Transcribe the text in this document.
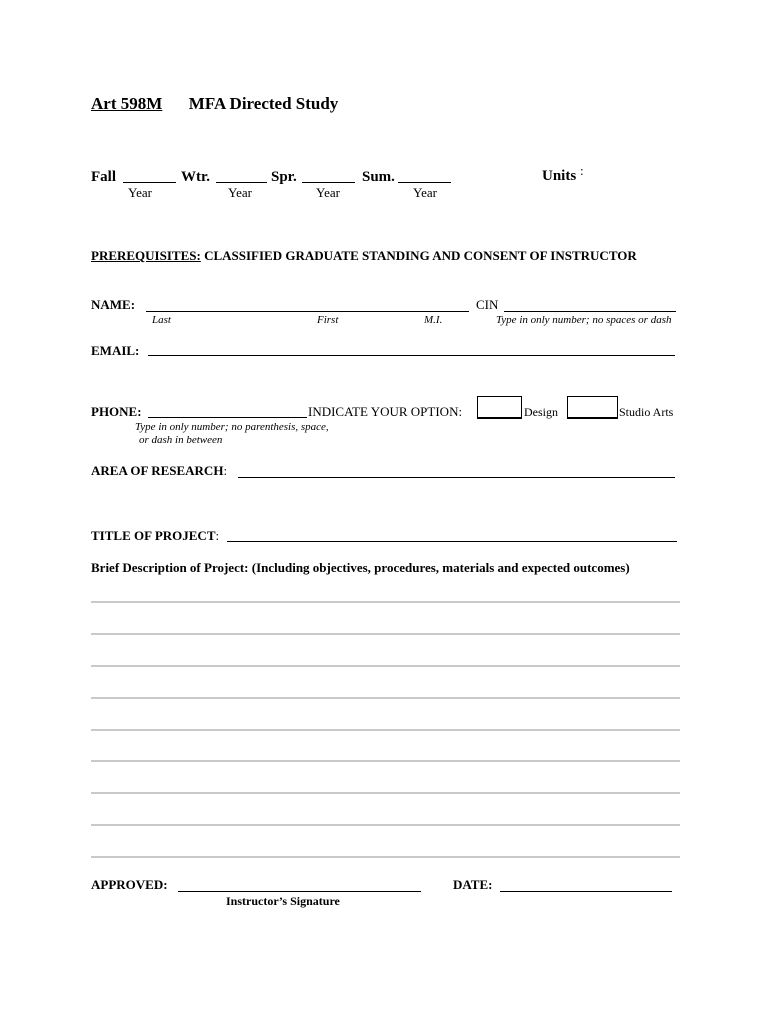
Art 598M MFA Directed Study
Fall	Wtr.	Spr.	Sum.
Year	Year	Year	Year
Units :
PREREQUISITES: CLASSIFIED GRADUATE STANDING AND CONSENT OF INSTRUCTOR
NAME:	CIN
Last	First	M.I.	Type in only number; no spaces or dash
EMAIL:
PHONE:	INDICATE YOUR OPTION:	Design	Studio Arts
Type in only number; no parenthesis, space,
or dash in between
AREA OF RESEARCH:
TITLE OF PROJECT:
Brief Description of Project: (Including objectives, procedures, materials and expected outcomes)
APPROVED:
Instructor’s Signature
DATE:
